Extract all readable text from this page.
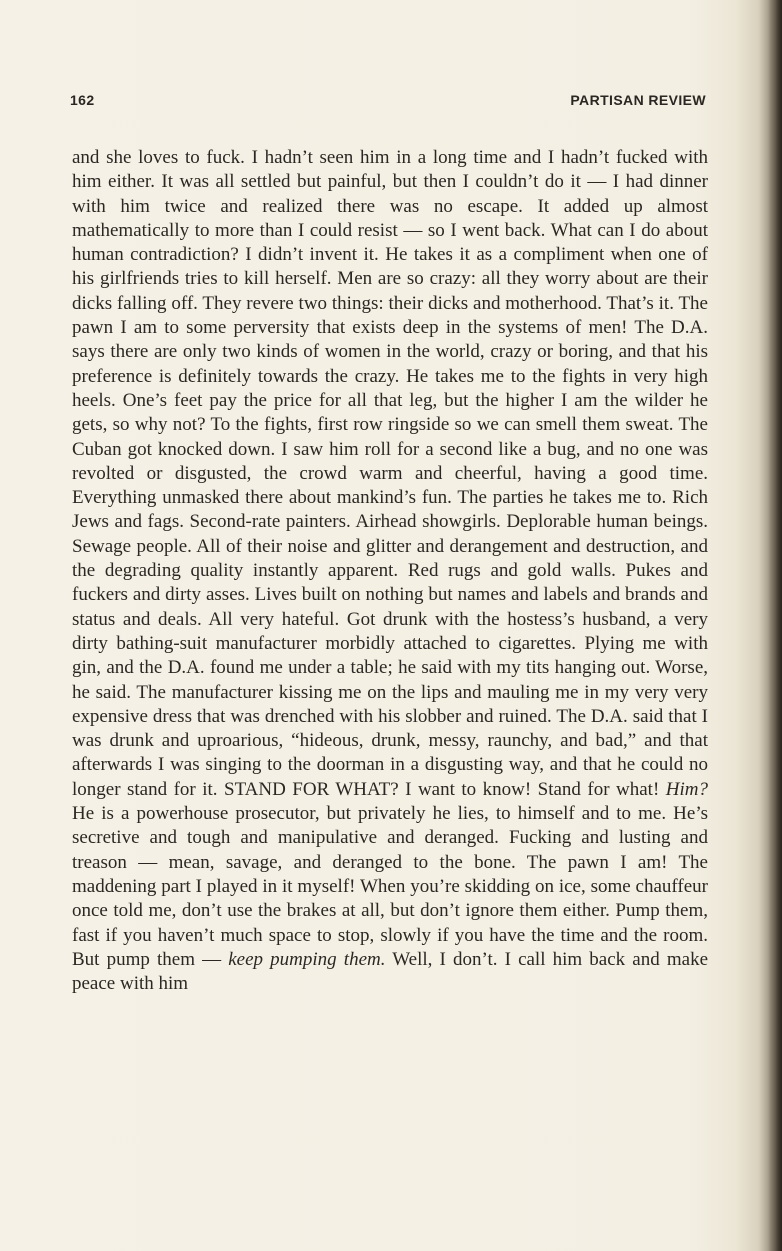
162	PARTISAN REVIEW

and she loves to fuck. I hadn’t seen him in a long time and I hadn’t fucked with him either. It was all settled but painful, but then I couldn’t do it — I had dinner with him twice and realized there was no escape. It added up almost mathematically to more than I could resist — so I went back. What can I do about human contradiction? I didn’t invent it. He takes it as a compliment when one of his girlfriends tries to kill herself. Men are so crazy: all they worry about are their dicks falling off. They revere two things: their dicks and motherhood. That’s it. The pawn I am to some perversity that exists deep in the systems of men! The D.A. says there are only two kinds of women in the world, crazy or boring, and that his preference is definitely towards the crazy. He takes me to the fights in very high heels. One’s feet pay the price for all that leg, but the higher I am the wilder he gets, so why not? To the fights, first row ringside so we can smell them sweat. The Cuban got knocked down. I saw him roll for a second like a bug, and no one was revolted or disgusted, the crowd warm and cheerful, having a good time. Everything unmasked there about mankind’s fun. The parties he takes me to. Rich Jews and fags. Second-rate painters. Airhead showgirls. Deplorable human beings. Sewage people. All of their noise and glitter and derangement and destruction, and the degrading quality instantly apparent. Red rugs and gold walls. Pukes and fuckers and dirty asses. Lives built on nothing but names and labels and brands and status and deals. All very hateful. Got drunk with the hostess’s husband, a very dirty bathing-suit manufacturer morbidly attached to cigarettes. Plying me with gin, and the D.A. found me under a table; he said with my tits hanging out. Worse, he said. The manufacturer kissing me on the lips and mauling me in my very very expensive dress that was drenched with his slobber and ruined. The D.A. said that I was drunk and uproarious, “hideous, drunk, messy, raunchy, and bad,” and that afterwards I was singing to the doorman in a disgusting way, and that he could no longer stand for it. STAND FOR WHAT? I want to know! Stand for what! Him? He is a powerhouse prosecutor, but privately he lies, to himself and to me. He’s secretive and tough and manipulative and deranged. Fucking and lusting and treason — mean, savage, and deranged to the bone. The pawn I am! The maddening part I played in it myself! When you’re skidding on ice, some chauffeur once told me, don’t use the brakes at all, but don’t ignore them either. Pump them, fast if you haven’t much space to stop, slowly if you have the time and the room. But pump them — keep pumping them. Well, I don’t. I call him back and make peace with him
